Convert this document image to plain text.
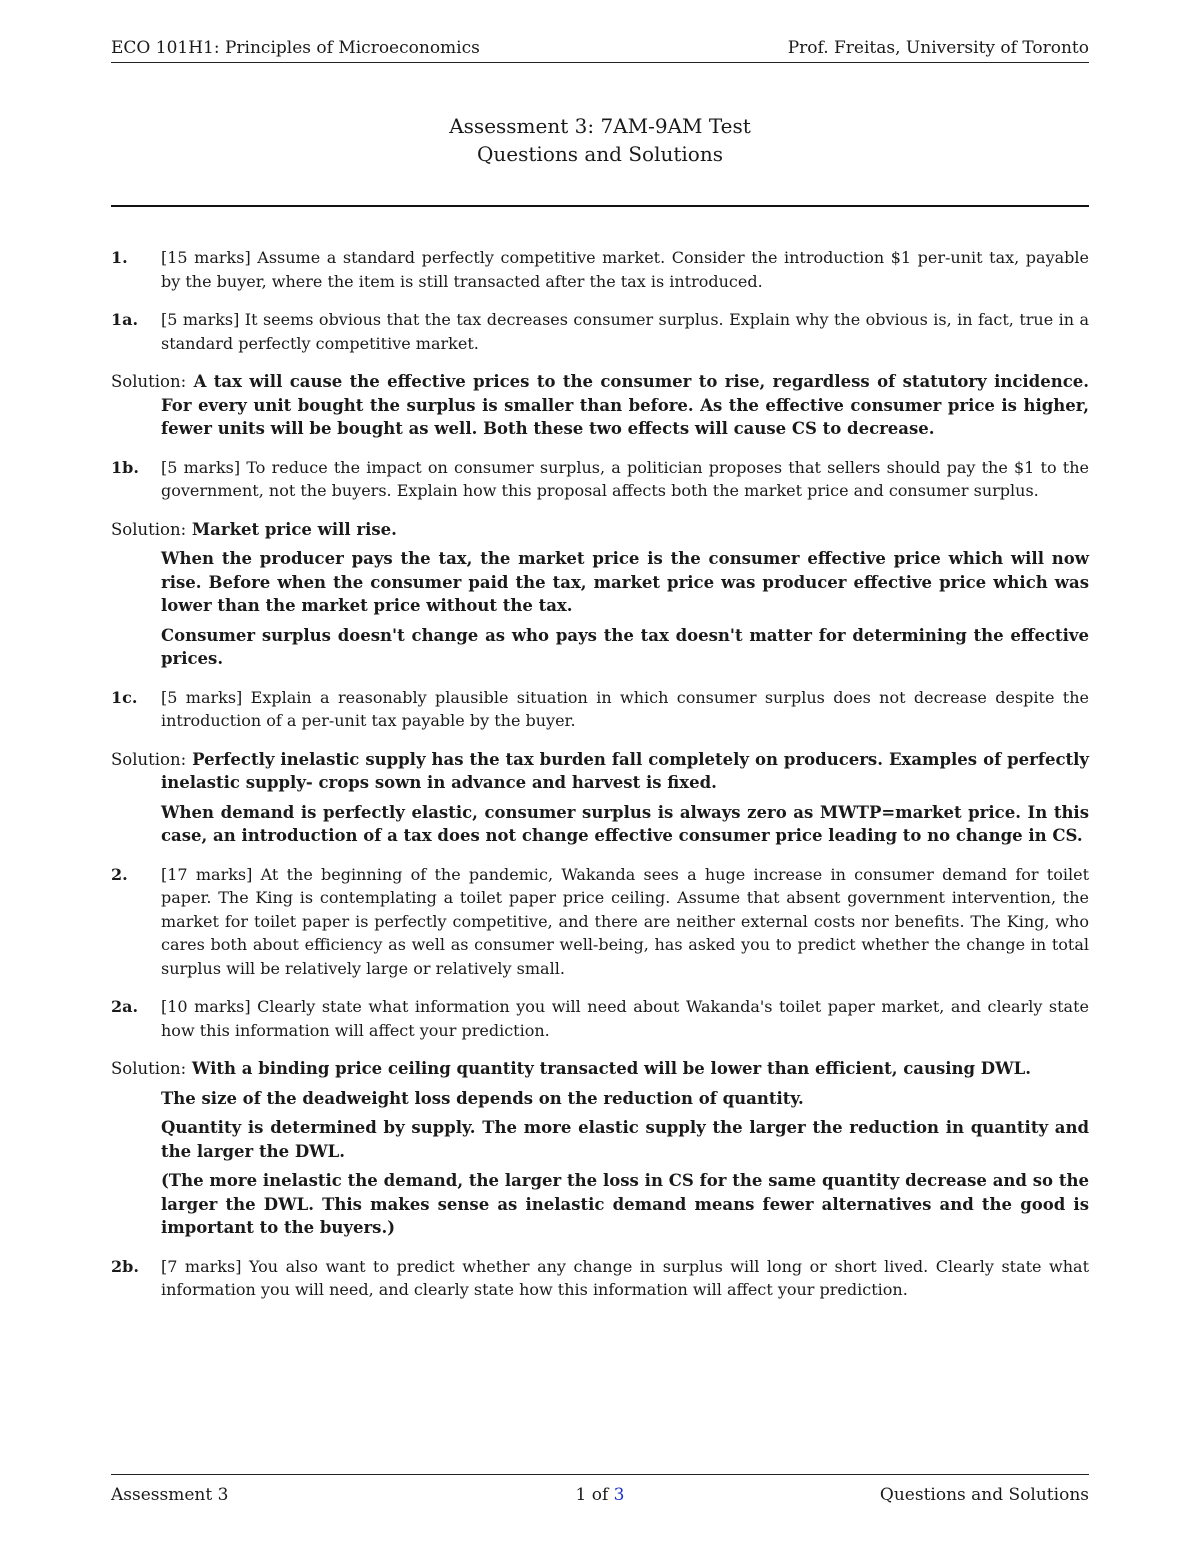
ECO 101H1: Principles of Microeconomics	Prof. Freitas, University of Toronto
Assessment 3: 7AM-9AM Test
Questions and Solutions
1. [15 marks] Assume a standard perfectly competitive market. Consider the introduction $1 per-unit tax, payable by the buyer, where the item is still transacted after the tax is introduced.
1a. [5 marks] It seems obvious that the tax decreases consumer surplus. Explain why the obvious is, in fact, true in a standard perfectly competitive market.
Solution: A tax will cause the effective prices to the consumer to rise, regardless of statutory incidence. For every unit bought the surplus is smaller than before. As the effective consumer price is higher, fewer units will be bought as well. Both these two effects will cause CS to decrease.
1b. [5 marks] To reduce the impact on consumer surplus, a politician proposes that sellers should pay the $1 to the government, not the buyers. Explain how this proposal affects both the market price and consumer surplus.
Solution: Market price will rise.
When the producer pays the tax, the market price is the consumer effective price which will now rise. Before when the consumer paid the tax, market price was producer effective price which was lower than the market price without the tax.
Consumer surplus doesn't change as who pays the tax doesn't matter for determining the effective prices.
1c. [5 marks] Explain a reasonably plausible situation in which consumer surplus does not decrease despite the introduction of a per-unit tax payable by the buyer.
Solution: Perfectly inelastic supply has the tax burden fall completely on producers. Examples of perfectly inelastic supply- crops sown in advance and harvest is fixed.
When demand is perfectly elastic, consumer surplus is always zero as MWTP=market price. In this case, an introduction of a tax does not change effective consumer price leading to no change in CS.
2. [17 marks] At the beginning of the pandemic, Wakanda sees a huge increase in consumer demand for toilet paper. The King is contemplating a toilet paper price ceiling. Assume that absent government intervention, the market for toilet paper is perfectly competitive, and there are neither external costs nor benefits. The King, who cares both about efficiency as well as consumer well-being, has asked you to predict whether the change in total surplus will be relatively large or relatively small.
2a. [10 marks] Clearly state what information you will need about Wakanda's toilet paper market, and clearly state how this information will affect your prediction.
Solution: With a binding price ceiling quantity transacted will be lower than efficient, causing DWL.
The size of the deadweight loss depends on the reduction of quantity.
Quantity is determined by supply. The more elastic supply the larger the reduction in quantity and the larger the DWL.
(The more inelastic the demand, the larger the loss in CS for the same quantity decrease and so the larger the DWL. This makes sense as inelastic demand means fewer alternatives and the good is important to the buyers.)
2b. [7 marks] You also want to predict whether any change in surplus will long or short lived. Clearly state what information you will need, and clearly state how this information will affect your prediction.
Assessment 3	1 of 3	Questions and Solutions
